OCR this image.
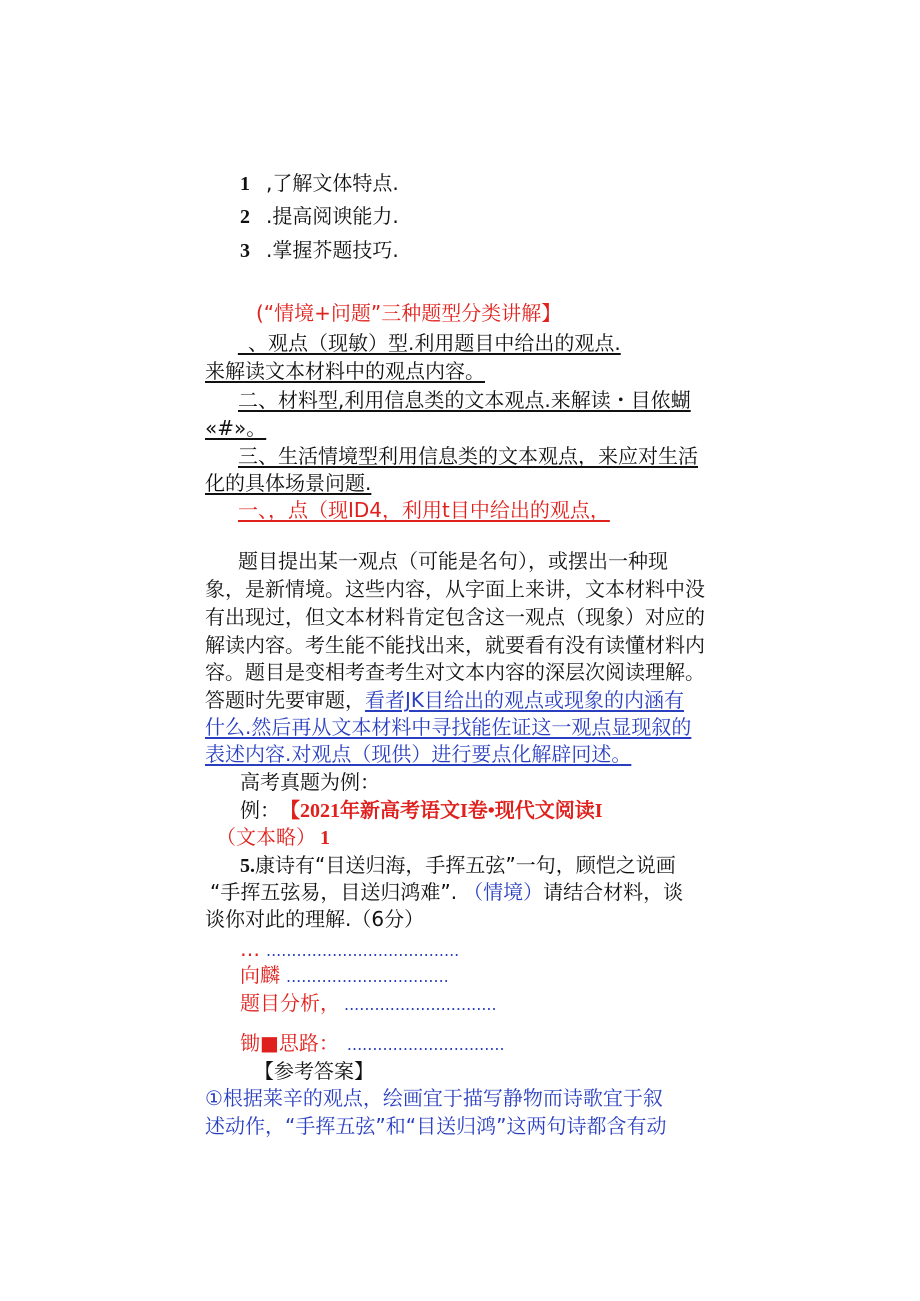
1 ,了解文体特点.
2 .提高阅谀能力.
3 .掌握芥题技巧.
(“情境+问题”三种题型分类讲解】
_、观点（现敏）型.利用题目中给出的观点.
来解读文本材料中的观点内容。
二、材料型,利用信息类的文本观点.来解读・目侬蝴
«#»。
三、生活情境型利用信息类的文本观点，来应对生活
化的具体场景问题.
一、，点（现ID4，利用t目中给出的观点，
题目提出某一观点（可能是名句），或摆出一种现
象，是新情境。这些内容，从字面上来讲，文本材料中没
有出现过，但文本材料肯定包含这一观点（现象）对应的
解读内容。考生能不能找出来，就要看有没有读懂材料内
容。题目是变相考查考生对文本内容的深层次阅读理解。
答题时先要审题，看者JK目给出的观点或现象的内涵有
什么.然后再从文本材料中寻找能佐证这一观点显现叙的
表述内容.对观点（现供）进行要点化解辟冋述。
高考真题为例：
例： 【2021年新高考语文I卷•现代文阅读I
（文本略） 1
5.康诗有“目送归海，手挥五弦”一句，顾恺之说画
“手挥五弦易，目送归鸿难”. （情境）请结合材料，谈
谈你对此的理解.（6分）
… ......................................
向麟 ................................
题目分析， ..............................
锄■思路： ...............................
【参考答案】
①根据莱辛的观点，绘画宜于描写静物而诗歌宜于叙
述动作，“手挥五弦”和“目送归鸿”这两句诗都含有动
